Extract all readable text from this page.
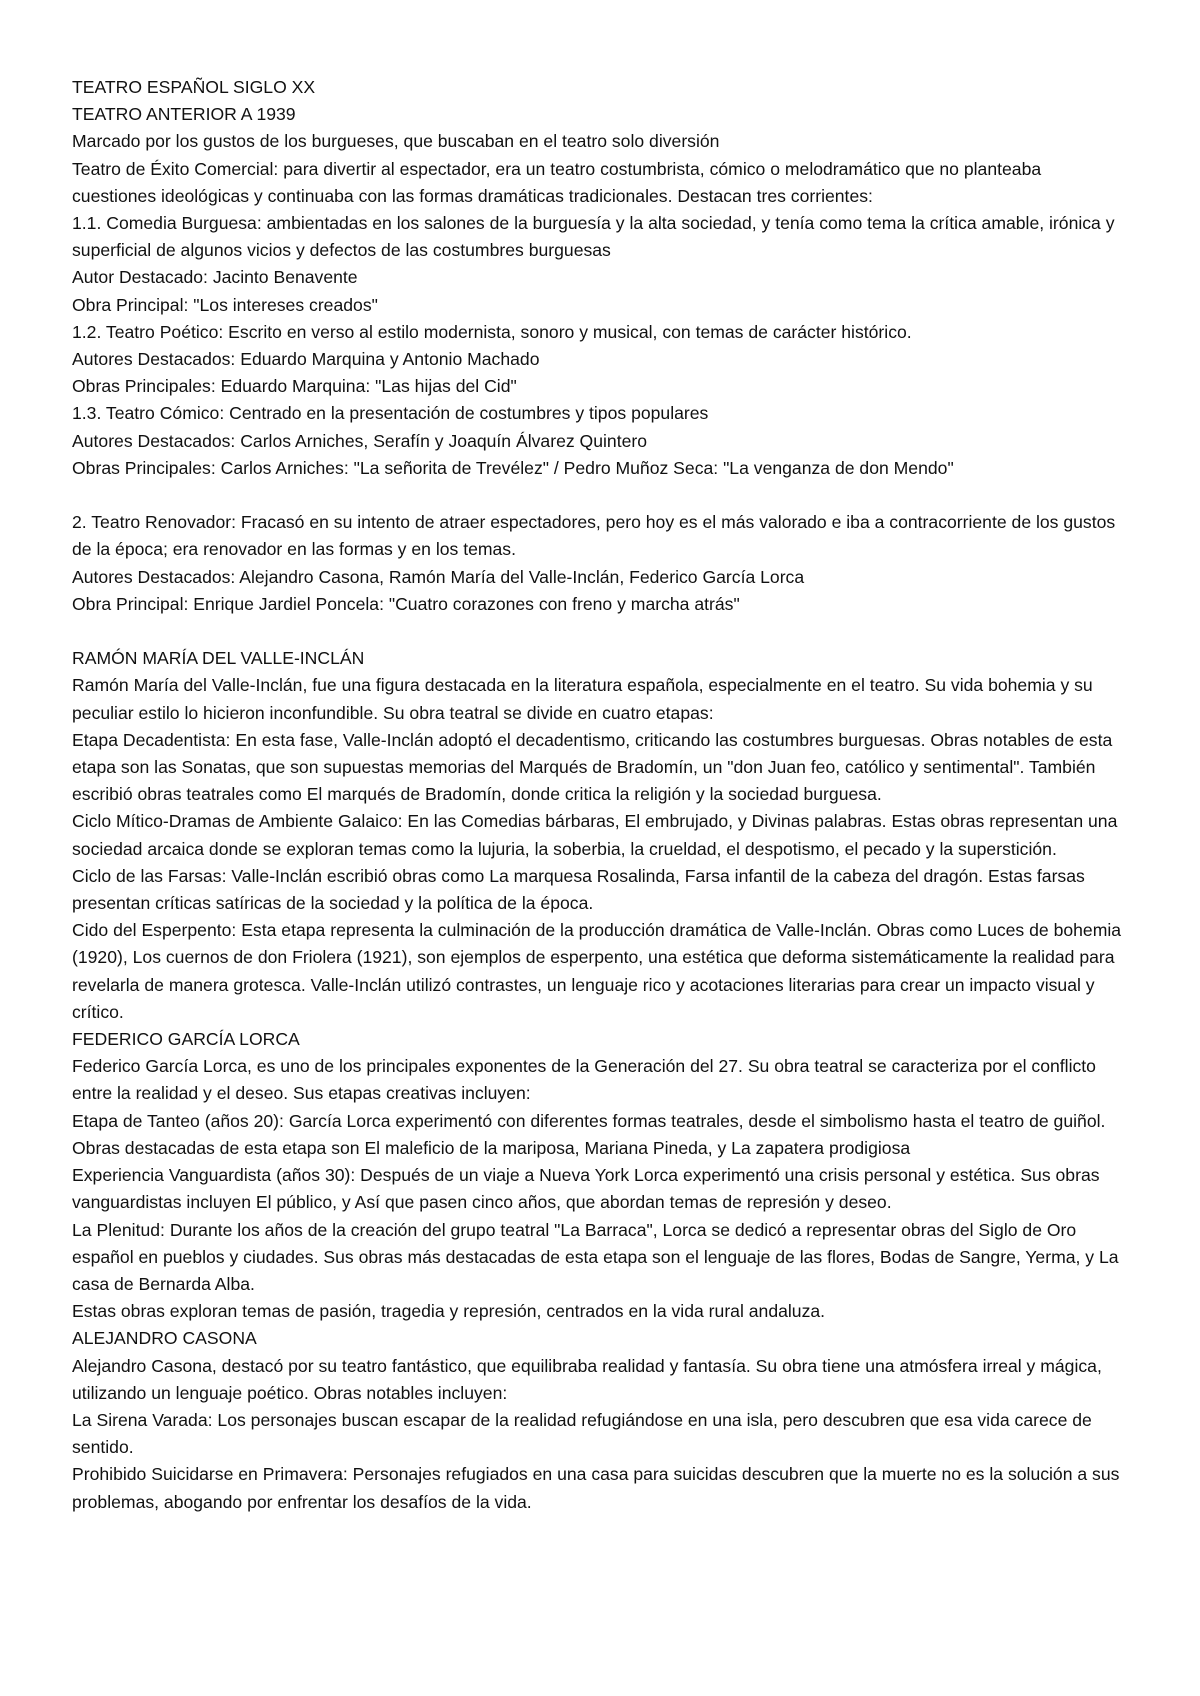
TEATRO ESPAÑOL SIGLO XX

TEATRO ANTERIOR A 1939

Marcado por los gustos de los burgueses, que buscaban en el teatro solo diversión

Teatro de Éxito Comercial: para divertir al espectador, era un teatro costumbrista, cómico o melodramático que no planteaba cuestiones ideológicas y continuaba con las formas dramáticas tradicionales. Destacan tres corrientes:

1.1. Comedia Burguesa: ambientadas en los salones de la burguesía y la alta sociedad, y tenía como tema la crítica amable, irónica y superficial de algunos vicios y defectos de las costumbres burguesas

Autor Destacado: Jacinto Benavente

Obra Principal: "Los intereses creados"

1.2. Teatro Poético: Escrito en verso al estilo modernista, sonoro y musical, con temas de carácter histórico.

Autores Destacados: Eduardo Marquina y Antonio Machado

Obras Principales: Eduardo Marquina: "Las hijas del Cid"

1.3. Teatro Cómico: Centrado en la presentación de costumbres y tipos populares

Autores Destacados: Carlos Arniches, Serafín y Joaquín Álvarez Quintero

Obras Principales: Carlos Arniches: "La señorita de Trevélez" / Pedro Muñoz Seca: "La venganza de don Mendo"

2. Teatro Renovador: Fracasó en su intento de atraer espectadores, pero hoy es el más valorado e iba a contracorriente de los gustos de la época; era renovador en las formas y en los temas.

Autores Destacados: Alejandro Casona, Ramón María del Valle-Inclán, Federico García Lorca

Obra Principal: Enrique Jardiel Poncela: "Cuatro corazones con freno y marcha atrás"

RAMÓN MARÍA DEL VALLE-INCLÁN

Ramón María del Valle-Inclán, fue una figura destacada en la literatura española, especialmente en el teatro. Su vida bohemia y su peculiar estilo lo hicieron inconfundible. Su obra teatral se divide en cuatro etapas:

Etapa Decadentista: En esta fase, Valle-Inclán adoptó el decadentismo, criticando las costumbres burguesas. Obras notables de esta etapa son las Sonatas, que son supuestas memorias del Marqués de Bradomín, un "don Juan feo, católico y sentimental". También escribió obras teatrales como El marqués de Bradomín, donde critica la religión y la sociedad burguesa.

Ciclo Mítico-Dramas de Ambiente Galaico: En las Comedias bárbaras, El embrujado, y Divinas palabras. Estas obras representan una sociedad arcaica donde se exploran temas como la lujuria, la soberbia, la crueldad, el despotismo, el pecado y la superstición.

Ciclo de las Farsas: Valle-Inclán escribió obras como La marquesa Rosalinda, Farsa infantil de la cabeza del dragón. Estas farsas presentan críticas satíricas de la sociedad y la política de la época.

Cido del Esperpento: Esta etapa representa la culminación de la producción dramática de Valle-Inclán. Obras como Luces de bohemia (1920), Los cuernos de don Friolera (1921), son ejemplos de esperpento, una estética que deforma sistemáticamente la realidad para revelarla de manera grotesca. Valle-Inclán utilizó contrastes, un lenguaje rico y acotaciones literarias para crear un impacto visual y crítico.

FEDERICO GARCÍA LORCA

Federico García Lorca, es uno de los principales exponentes de la Generación del 27. Su obra teatral se caracteriza por el conflicto entre la realidad y el deseo. Sus etapas creativas incluyen:

Etapa de Tanteo (años 20): García Lorca experimentó con diferentes formas teatrales, desde el simbolismo hasta el teatro de guiñol. Obras destacadas de esta etapa son El maleficio de la mariposa, Mariana Pineda, y La zapatera prodigiosa

Experiencia Vanguardista (años 30): Después de un viaje a Nueva York Lorca experimentó una crisis personal y estética. Sus obras vanguardistas incluyen El público, y Así que pasen cinco años, que abordan temas de represión y deseo.

La Plenitud: Durante los años de la creación del grupo teatral "La Barraca", Lorca se dedicó a representar obras del Siglo de Oro español en pueblos y ciudades. Sus obras más destacadas de esta etapa son el lenguaje de las flores, Bodas de Sangre, Yerma, y La casa de Bernarda Alba.

Estas obras exploran temas de pasión, tragedia y represión, centrados en la vida rural andaluza.

ALEJANDRO CASONA

Alejandro Casona, destacó por su teatro fantástico, que equilibraba realidad y fantasía. Su obra tiene una atmósfera irreal y mágica, utilizando un lenguaje poético. Obras notables incluyen:

La Sirena Varada: Los personajes buscan escapar de la realidad refugiándose en una isla, pero descubren que esa vida carece de sentido.

Prohibido Suicidarse en Primavera: Personajes refugiados en una casa para suicidas descubren que la muerte no es la solución a sus problemas, abogando por enfrentar los desafíos de la vida.
